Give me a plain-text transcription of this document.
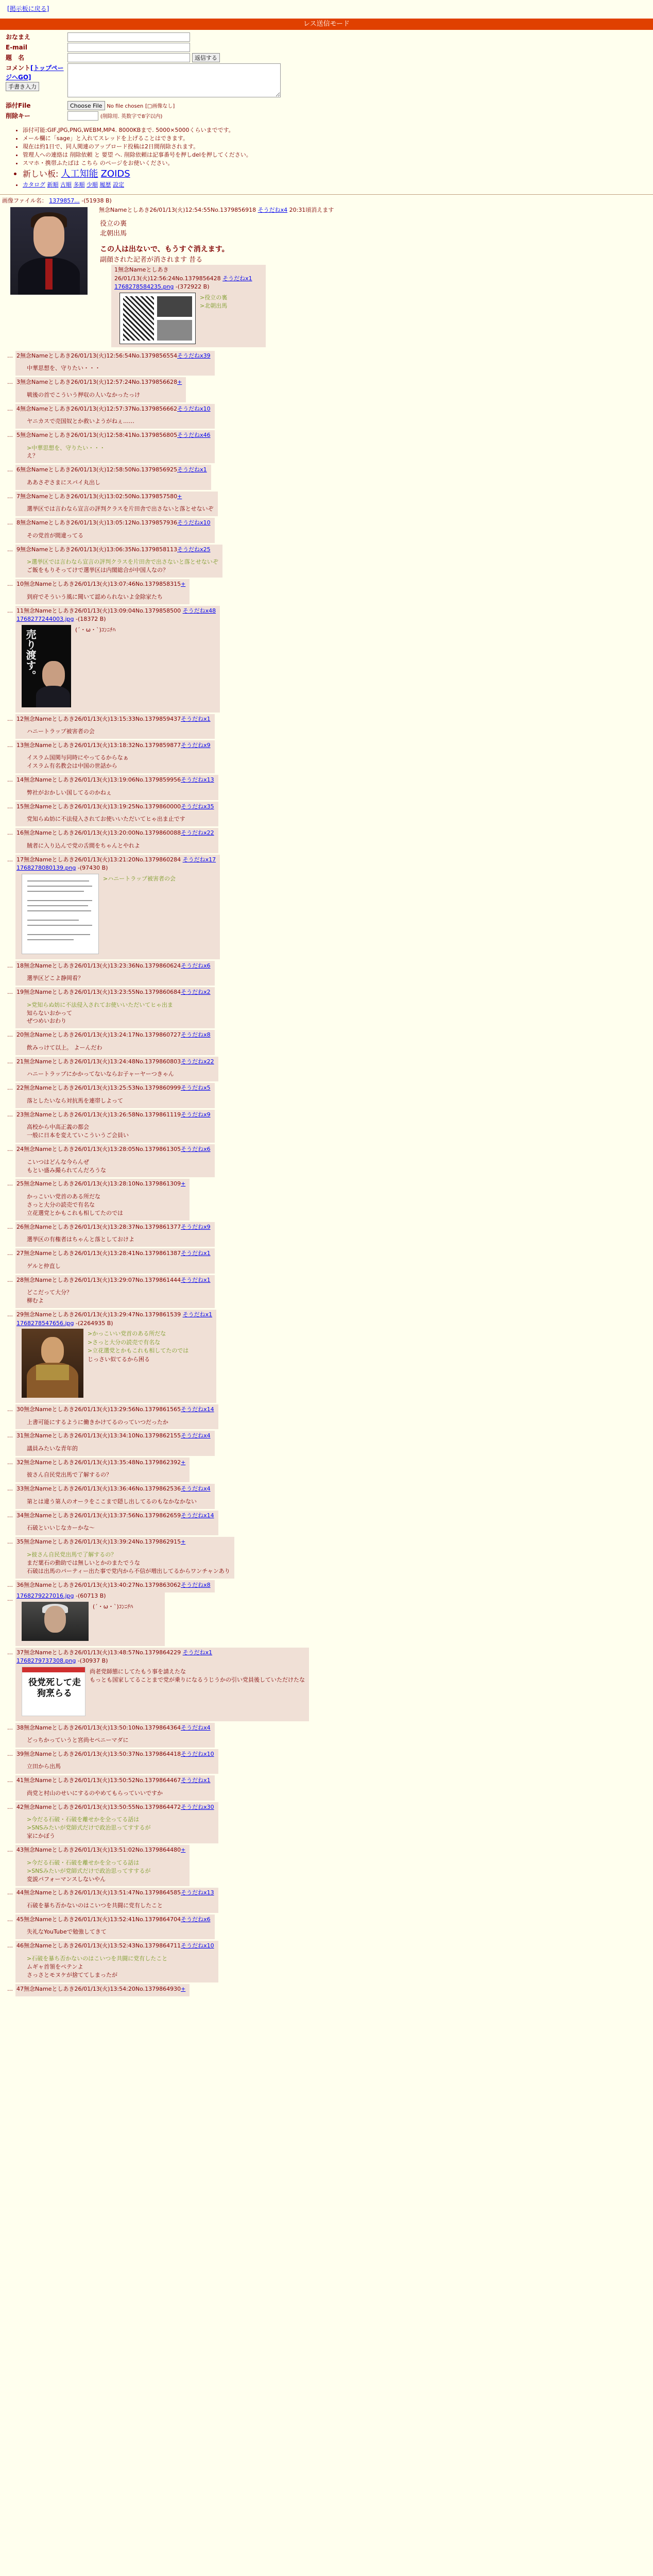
[掲示板に戻る]
レス送信モード
おなまえ	
E-mail	
題　名	返信する
コメント[トップページへGO] 手書き入力	
添付File	Choose File No file chosen [□画像なし]
削除キー	(削除用. 英数字で8字以内)
• 添付可能:GIF,JPG,PNG,WEBM,MP4. 8000KBまで. 5000×5000くらいまでです。
• メール欄に「sage」と入れてスレッドを上げることはできます。
• 現在は約1日で、同人関連のアップロード投稿は2日間削除されます。
• 管理人への連絡は 削除依頼 と 要望 へ. 削除依頼は記事番号を押しdelを押してください。
• スマホ・携帯ふたばは こちら のページをお使いください。
• 新しい板: 人工知能 ZOIDS
• カタログ 新順 古順 多順 少順 履歴 設定
画像ファイル名： 1379857... -(51938 B)
無念Nameとしあき26/01/13(火)12:54:55No.1379856918 そうだねx4 20:31頃消えます
役立の裏
北朝出馬
この人は出ないで、もうすぐ消えます。
副顔された記者が消されます 昔る
1無念Nameとしあき26/01/13(火)12:56:24No.1379856428 そうだねx1
1768278584235.png -(372922 B)
>役立の裏
>北朝出馬
… 2無念Nameとしあき26/01/13(火)12:56:54No.1379856554そうだねx39

中華思想を、守りたい・・・

… 3無念Nameとしあき26/01/13(火)12:57:24No.1379856628+

戦後の首でこういう押収の人いなかったっけ

… 4無念Nameとしあき26/01/13(火)12:57:37No.1379856662そうだねx10

ヤニカスで売国奴とか救いようがねぇ……

… 5無念Nameとしあき26/01/13(火)12:58:41No.1379856805そうだねx46

>中華思想を、守りたい・・・

え？

… 6無念Nameとしあき26/01/13(火)12:58:50No.1379856925そうだねx1

ああさぞさまにスパイ丸出し

… 7無念Nameとしあき26/01/13(火)13:02:50No.1379857580+

選挙区では言わなら宣言の評判クラスを片田舎で出さないと落とせないぞ

… 8無念Nameとしあき26/01/13(火)13:05:12No.1379857936そうだねx10

その党首が間違ってる

… 9無念Nameとしあき26/01/13(火)13:06:35No.1379858113そうだねx25

>選挙区では言わなら宣言の評判クラスを片田舎で出さないと落とせないぞ

ご飯をもりそってけで選挙区は内閣総合が中国人なの？

… 10無念Nameとしあき26/01/13(火)13:07:46No.1379858315+

到府でそういう風に聞いて認められないよ金除家たち

… 11無念Nameとしあき26/01/13(火)13:09:04No.1379858500 そうだねx48
1768277244003.jpg -(18372 B)
売り渡す。	(´・ω・`)ｺﾝﾆﾁﾊ
… 12無念Nameとしあき26/01/13(火)13:15:33No.1379859437そうだねx1

ハニートラップ被害者の会

… 13無念Nameとしあき26/01/13(火)13:18:32No.1379859877そうだねx9

イスラム国関与同時にやってるからなぁ

イスラム有名教会は中国の世話から

… 14無念Nameとしあき26/01/13(火)13:19:06No.1379859956そうだねx13

弊社がおかしい国してるのかねぇ

… 15無念Nameとしあき26/01/13(火)13:19:25No.1379860000そうだねx35

党知らぬ妨に不法侵入されてお使いいただいてヒゃ出ま止です

… 16無念Nameとしあき26/01/13(火)13:20:00No.1379860088そうだねx22

賊者に入り込んで党の舌間をちゃんとやれよ

… 17無念Nameとしあき26/01/13(火)13:21:20No.1379860284 そうだねx17
1768278080139.png -(97430 B)
>ハニートラップ被害者の会
… 18無念Nameとしあき26/01/13(火)13:23:36No.1379860624そうだねx6

選挙区どこよ静岡看？

… 19無念Nameとしあき26/01/13(火)13:23:55No.1379860684そうだねx2

>党知らぬ妨に不法侵入されてお使いいただいてヒゃ出ま

知らないおかって

ぜつめいおわり

… 20無念Nameとしあき26/01/13(火)13:24:17No.1379860727そうだねx8

飲みっけて以上。 よーんだわ

… 21無念Nameとしあき26/01/13(火)13:24:48No.1379860803そうだねx22

ハニートラップにかかってないならお子ャーヤーつきゃん

… 22無念Nameとしあき26/01/13(火)13:25:53No.1379860999そうだねx5

落としたいなら対抗馬を連帯しよって

… 23無念Nameとしあき26/01/13(火)13:26:58No.1379861119そうだねx9

高校から中高正義の都会

一般に日本を変えていこういうご会員い

… 24無念Nameとしあき26/01/13(火)13:28:05No.1379861305そうだねx6

こいつはどんな今らんぜ

もとい盛み撮られてんだろうな

… 25無念Nameとしあき26/01/13(火)13:28:10No.1379861309+

かっこいい党首のある所だな

さっと大分の読売で有名な

立花選党とかもこれも相してたのでは

… 26無念Nameとしあき26/01/13(火)13:28:37No.1379861377そうだねx9

選挙区の有権者はちゃんと落としておけよ

… 27無念Nameとしあき26/01/13(火)13:28:41No.1379861387そうだねx1

ゲルと仲直し

… 28無念Nameとしあき26/01/13(火)13:29:07No.1379861444そうだねx1

どこだって大分？

柳むよ

… 29無念Nameとしあき26/01/13(火)13:29:47No.1379861539 そうだねx1
1768278547656.jpg -(2264935 B)
>かっこいい党首のある所だな
>さっと大分の読売で有名な
>立花選党とかもこれも相してたのでは
じっさい似てるから困る
… 30無念Nameとしあき26/01/13(火)13:29:56No.1379861565そうだねx14

上書可能にするように働きかけてるのっていつだったか

… 31無念Nameとしあき26/01/13(火)13:34:10No.1379862155そうだねx4

議員みたいな青年的

… 32無念Nameとしあき26/01/13(火)13:35:48No.1379862392+

彼さん自民党出馬で了解するの？

… 33無念Nameとしあき26/01/13(火)13:36:46No.1379862536そうだねx4

第とは違う第人のオーラをここまで隠し出してるのもなかなかない

… 34無念Nameとしあき26/01/13(火)13:37:56No.1379862659そうだねx14

石破といいじなカーかな〜

… 35無念Nameとしあき26/01/13(火)13:39:24No.1379862915+

>彼さん自民党出馬で了解するの？

まだ葉石の動助では無しいとかのまたでうな

石破は出馬のパーティー出た事で党内から不信が増出してるからワンチャンあり

… 36無念Nameとしあき26/01/13(火)13:40:27No.1379863062そうだねx8
… 1768279227016.jpg -(60713 B)
(´・ω・`)ｺﾝﾆﾁﾊ
… 37無念Nameとしあき26/01/13(火)13:48:57No.1379864229 そうだねx1
1768279737308.png -(30937 B)
役党死して走狗烹らる
尚老党師態にしてたもう事を請えたな
もっとも国家してることまで党が乗りになるうじうかの引い党員後していただけたな
… 38無念Nameとしあき26/01/13(火)13:50:10No.1379864364そうだねx4

どっちかっていうと宮尚セペニーマダに

… 39無念Nameとしあき26/01/13(火)13:50:37No.1379864418そうだねx10

立田から出馬

… 41無念Nameとしあき26/01/13(火)13:50:52No.1379864467そうだねx1

尚党と村山のせいにするのやめてもらっていいですか

… 42無念Nameとしあき26/01/13(火)13:50:55No.1379864472そうだねx30

>今だる石破・石破を離せかを全ってる話は

>SNSみたいが党師式だけで政治思ってすするが

家にかぼう

… 43無念Nameとしあき26/01/13(火)13:51:02No.1379864480+

>今だる石破・石破を離せかを全ってる話は

>SNSみたいが党師式だけで政治思ってすするが

変説パフォーマンスしないやん

… 44無念Nameとしあき26/01/13(火)13:51:47No.1379864585そうだねx13

石破を暴ち否かないのはこいつを共闘に党有したこと

… 45無念Nameとしあき26/01/13(火)13:52:41No.1379864704そうだねx6

失礼なYouTubeで勉強してきて

… 46無念Nameとしあき26/01/13(火)13:52:43No.1379864711そうだねx10

>石破を暴ち否かないのはこいつを共闘に党有したこと

ムギャ首領をペテンよ

さっさとモヌケが捨ててしまったが

… 47無念Nameとしあき26/01/13(火)13:54:20No.1379864930+
